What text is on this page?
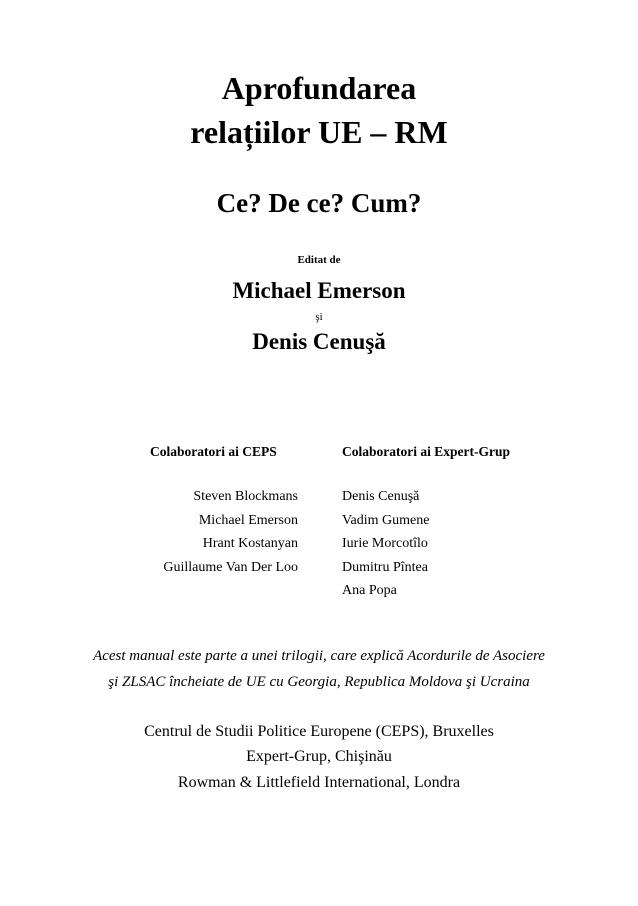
Aprofundarea
relațiilor UE – RM
Ce? De ce? Cum?
Editat de
Michael Emerson
şi
Denis Cenuşă
Colaboratori ai CEPS	Colaboratori ai Expert-Grup
Steven Blockmans
Michael Emerson
Hrant Kostanyan
Guillaume Van Der Loo
Denis Cenuşă
Vadim Gumene
Iurie Morcotîlo
Dumitru Pîntea
Ana Popa
Acest manual este parte a unei trilogii, care explică Acordurile de Asociere
şi ZLSAC încheiate de UE cu Georgia, Republica Moldova şi Ucraina
Centrul de Studii Politice Europene (CEPS), Bruxelles
Expert-Grup, Chişinău
Rowman & Littlefield International, Londra
